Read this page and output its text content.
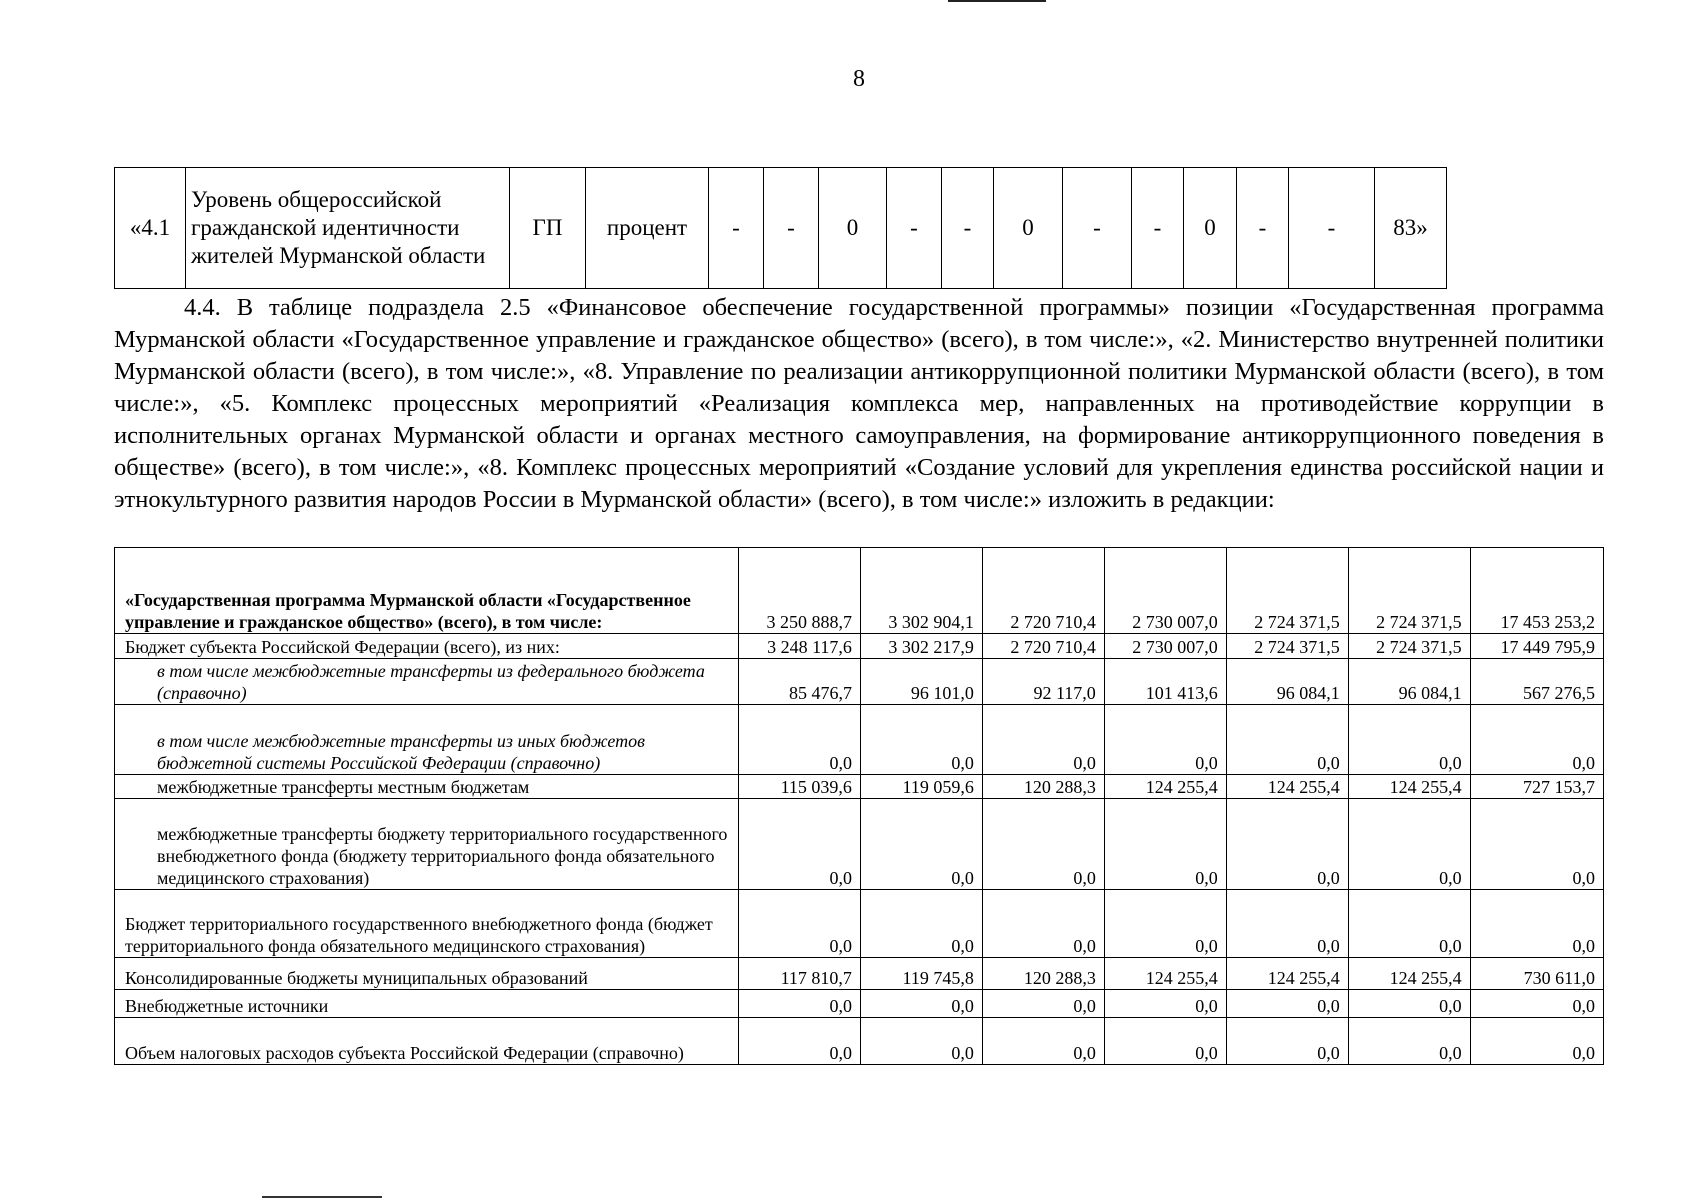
8
«4.1	Уровень общероссийской гражданской идентичности жителей Мурманской области	ГП	процент	-	-	0	-	-	0	-	-	0	-	-	83»

4.4. В таблице подраздела 2.5 «Финансовое обеспечение государственной программы» позиции «Государственная программа Мурманской области «Государственное управление и гражданское общество» (всего), в том числе:», «2. Министерство внутренней политики Мурманской области (всего), в том числе:», «8. Управление по реализации антикоррупционной политики Мурманской области (всего), в том числе:», «5. Комплекс процессных мероприятий «Реализация комплекса мер, направленных на противодействие коррупции в исполнительных органах Мурманской области и органах местного самоуправления, на формирование антикоррупционного поведения в обществе» (всего), в том числе:», «8. Комплекс процессных мероприятий «Создание условий для укрепления единства российской нации и этнокультурного развития народов России в Мурманской области» (всего), в том числе:» изложить в редакции:

«Государственная программа Мурманской области «Государственное управление и гражданское общество» (всего), в том числе:	3 250 888,7	3 302 904,1	2 720 710,4	2 730 007,0	2 724 371,5	2 724 371,5	17 453 253,2
Бюджет субъекта Российской Федерации (всего), из них:	3 248 117,6	3 302 217,9	2 720 710,4	2 730 007,0	2 724 371,5	2 724 371,5	17 449 795,9
в том числе межбюджетные трансферты из федерального бюджета (справочно)	85 476,7	96 101,0	92 117,0	101 413,6	96 084,1	96 084,1	567 276,5
в том числе межбюджетные трансферты из иных бюджетов бюджетной системы Российской Федерации (справочно)	0,0	0,0	0,0	0,0	0,0	0,0	0,0
межбюджетные трансферты местным бюджетам	115 039,6	119 059,6	120 288,3	124 255,4	124 255,4	124 255,4	727 153,7
межбюджетные трансферты бюджету территориального государственного внебюджетного фонда (бюджету территориального фонда обязательного медицинского страхования)	0,0	0,0	0,0	0,0	0,0	0,0	0,0
Бюджет территориального государственного внебюджетного фонда (бюджет территориального фонда обязательного медицинского страхования)	0,0	0,0	0,0	0,0	0,0	0,0	0,0
Консолидированные бюджеты муниципальных образований	117 810,7	119 745,8	120 288,3	124 255,4	124 255,4	124 255,4	730 611,0
Внебюджетные источники	0,0	0,0	0,0	0,0	0,0	0,0	0,0
Объем налоговых расходов субъекта Российской Федерации (справочно)	0,0	0,0	0,0	0,0	0,0	0,0	0,0
